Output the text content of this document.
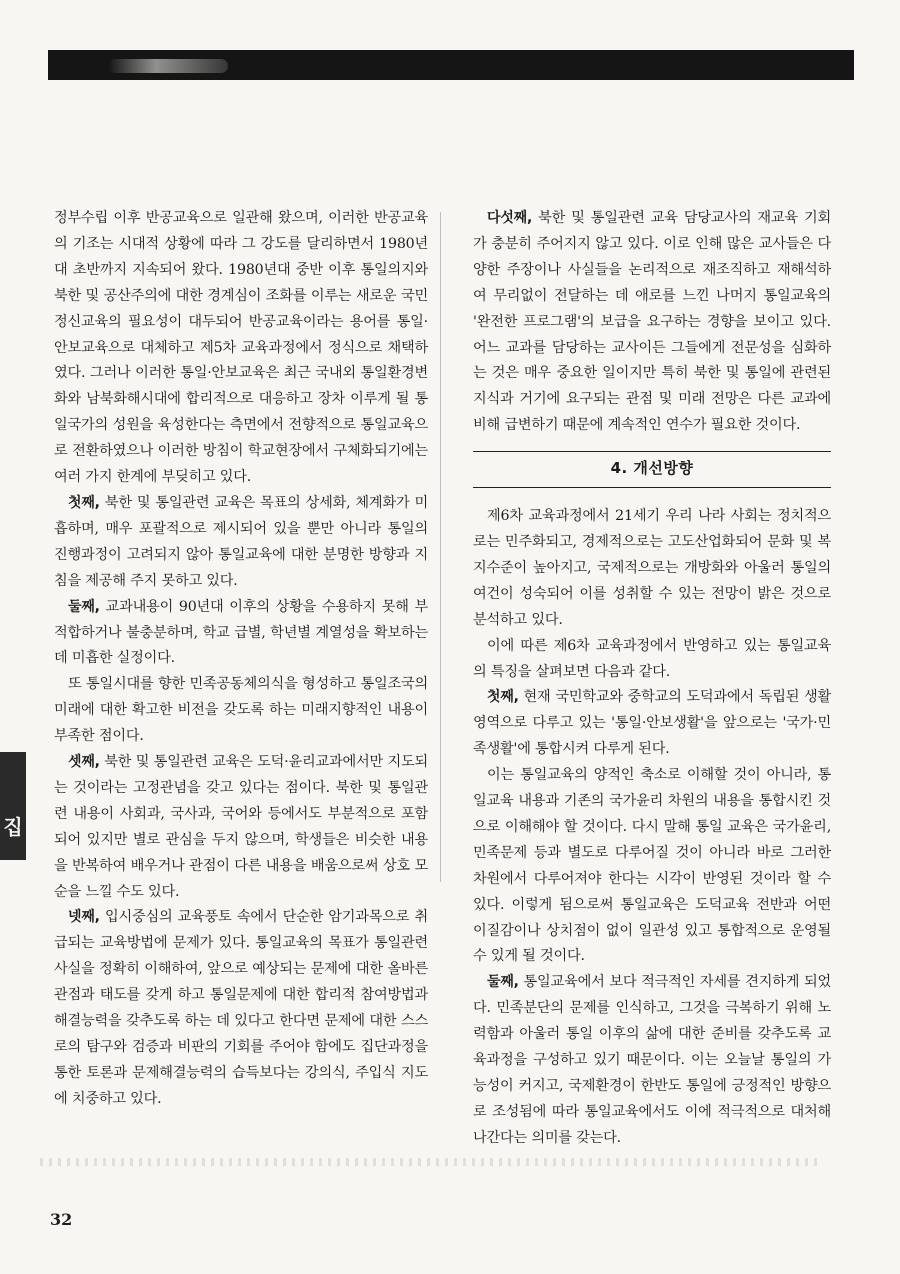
정부수립 이후 반공교육으로 일관해 왔으며, 이러한 반공교육의 기조는 시대적 상황에 따라 그 강도를 달리하면서 1980년대 초반까지 지속되어 왔다. 1980년대 중반 이후 통일의지와 북한 및 공산주의에 대한 경계심이 조화를 이루는 새로운 국민정신교육의 필요성이 대두되어 반공교육이라는 용어를 통일·안보교육으로 대체하고 제5차 교육과정에서 정식으로 채택하였다. 그러나 이러한 통일·안보교육은 최근 국내외 통일환경변화와 남북화해시대에 합리적으로 대응하고 장차 이루게 될 통일국가의 성원을 육성한다는 측면에서 전향적으로 통일교육으로 전환하였으나 이러한 방침이 학교현장에서 구체화되기에는 여러 가지 한계에 부딪히고 있다.

첫째, 북한 및 통일관련 교육은 목표의 상세화, 체계화가 미흡하며, 매우 포괄적으로 제시되어 있을 뿐만 아니라 통일의 진행과정이 고려되지 않아 통일교육에 대한 분명한 방향과 지침을 제공해 주지 못하고 있다.

둘째, 교과내용이 90년대 이후의 상황을 수용하지 못해 부적합하거나 불충분하며, 학교 급별, 학년별 계열성을 확보하는데 미흡한 실정이다.

또 통일시대를 향한 민족공동체의식을 형성하고 통일조국의 미래에 대한 확고한 비전을 갖도록 하는 미래지향적인 내용이 부족한 점이다.

셋째, 북한 및 통일관련 교육은 도덕·윤리교과에서만 지도되는 것이라는 고정관념을 갖고 있다는 점이다. 북한 및 통일관련 내용이 사회과, 국사과, 국어와 등에서도 부분적으로 포함되어 있지만 별로 관심을 두지 않으며, 학생들은 비슷한 내용을 반복하여 배우거나 관점이 다른 내용을 배움으로써 상호 모순을 느낄 수도 있다.

넷째, 입시중심의 교육풍토 속에서 단순한 암기과목으로 취급되는 교육방법에 문제가 있다. 통일교육의 목표가 통일관련 사실을 정확히 이해하여, 앞으로 예상되는 문제에 대한 올바른 관점과 태도를 갖게 하고 통일문제에 대한 합리적 참여방법과 해결능력을 갖추도록 하는 데 있다고 한다면 문제에 대한 스스로의 탐구와 검증과 비판의 기회를 주어야 함에도 집단과정을 통한 토론과 문제해결능력의 습득보다는 강의식, 주입식 지도에 치중하고 있다.

다섯째, 북한 및 통일관련 교육 담당교사의 재교육 기회가 충분히 주어지지 않고 있다. 이로 인해 많은 교사들은 다양한 주장이나 사실들을 논리적으로 재조직하고 재해석하여 무리없이 전달하는 데 애로를 느낀 나머지 통일교육의 '완전한 프로그램'의 보급을 요구하는 경향을 보이고 있다. 어느 교과를 담당하는 교사이든 그들에게 전문성을 심화하는 것은 매우 중요한 일이지만 특히 북한 및 통일에 관련된 지식과 거기에 요구되는 관점 및 미래 전망은 다른 교과에 비해 급변하기 때문에 계속적인 연수가 필요한 것이다.

4. 개선방향

제6차 교육과정에서 21세기 우리 나라 사회는 정치적으로는 민주화되고, 경제적으로는 고도산업화되어 문화 및 복지수준이 높아지고, 국제적으로는 개방화와 아울러 통일의 여건이 성숙되어 이를 성취할 수 있는 전망이 밝은 것으로 분석하고 있다.

이에 따른 제6차 교육과정에서 반영하고 있는 통일교육의 특징을 살펴보면 다음과 같다.

첫째, 현재 국민학교와 중학교의 도덕과에서 독립된 생활영역으로 다루고 있는 '통일·안보생활'을 앞으로는 '국가·민족생활'에 통합시켜 다루게 된다.

이는 통일교육의 양적인 축소로 이해할 것이 아니라, 통일교육 내용과 기존의 국가윤리 차원의 내용을 통합시킨 것으로 이해해야 할 것이다. 다시 말해 통일 교육은 국가윤리, 민족문제 등과 별도로 다루어질 것이 아니라 바로 그러한 차원에서 다루어져야 한다는 시각이 반영된 것이라 할 수 있다. 이렇게 됨으로써 통일교육은 도덕교육 전반과 어떤 이질감이나 상치점이 없이 일관성 있고 통합적으로 운영될 수 있게 될 것이다.

둘째, 통일교육에서 보다 적극적인 자세를 견지하게 되었다. 민족분단의 문제를 인식하고, 그것을 극복하기 위해 노력함과 아울러 통일 이후의 삶에 대한 준비를 갖추도록 교육과정을 구성하고 있기 때문이다. 이는 오늘날 통일의 가능성이 커지고, 국제환경이 한반도 통일에 긍정적인 방향으로 조성됨에 따라 통일교육에서도 이에 적극적으로 대처해 나간다는 의미를 갖는다.

집
32
